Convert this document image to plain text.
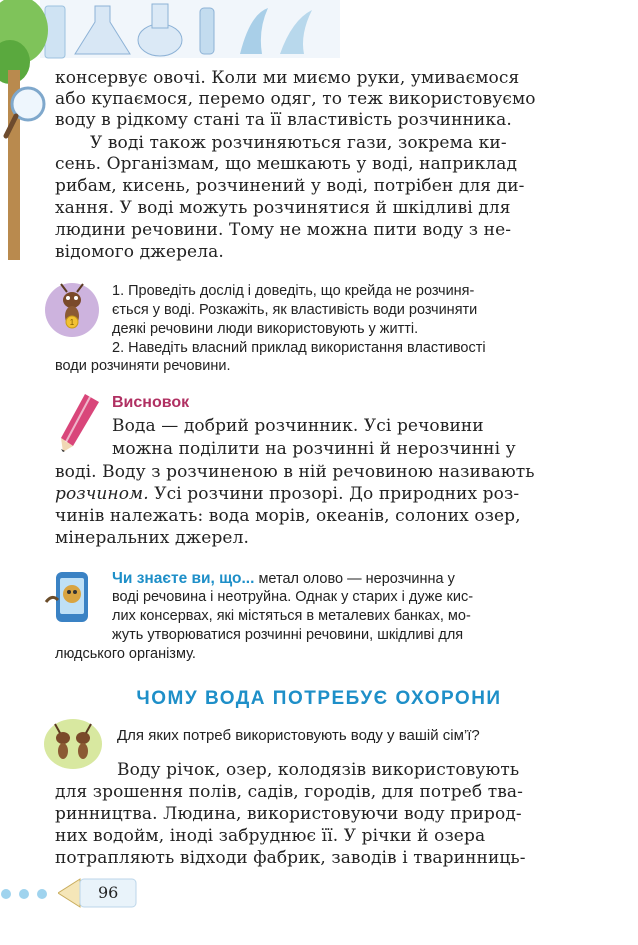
консервує овочі. Коли ми миємо руки, умиваємося
або купаємося, перемо одяг, то теж використовуємо
воду в рідкому стані та її властивість розчинника.
У воді також розчиняються гази, зокрема ки-
сень. Організмам, що мешкають у воді, наприклад
рибам, кисень, розчинений у воді, потрібен для ди-
хання. У воді можуть розчинятися й шкідливі для
людини речовини. Тому не можна пити воду з не-
відомого джерела.
1
1. Проведіть дослід і доведіть, що крейда не розчиня-
ється у воді. Розкажіть, як властивість води розчиняти
деякі речовини люди використовують у житті.
2. Наведіть власний приклад використання властивості
води розчиняти речовини.
Висновок
Вода — добрий розчинник. Усі речовини
можна поділити на розчинні й нерозчинні у
воді. Воду з розчиненою в ній речовиною називають
розчином. Усі розчини прозорі. До природних роз-
чинів належать: вода морів, океанів, солоних озер,
мінеральних джерел.
Чи знаєте ви, що... метал олово — нерозчинна у
воді речовина і неотруйна. Однак у старих і дуже кис-
лих консервах, які містяться в металевих банках, мо-
жуть утворюватися розчинні речовини, шкідливі для
людського організму.
ЧОМУ ВОДА ПОТРЕБУЄ ОХОРОНИ
Для яких потреб використовують воду у вашій сім’ї?
Воду річок, озер, колодязів використовують
для зрошення полів, садів, городів, для потреб тва-
ринництва. Людина, використовуючи воду природ-
них водойм, іноді забруднює її. У річки й озера
потрапляють відходи фабрик, заводів і тваринниць-
96
